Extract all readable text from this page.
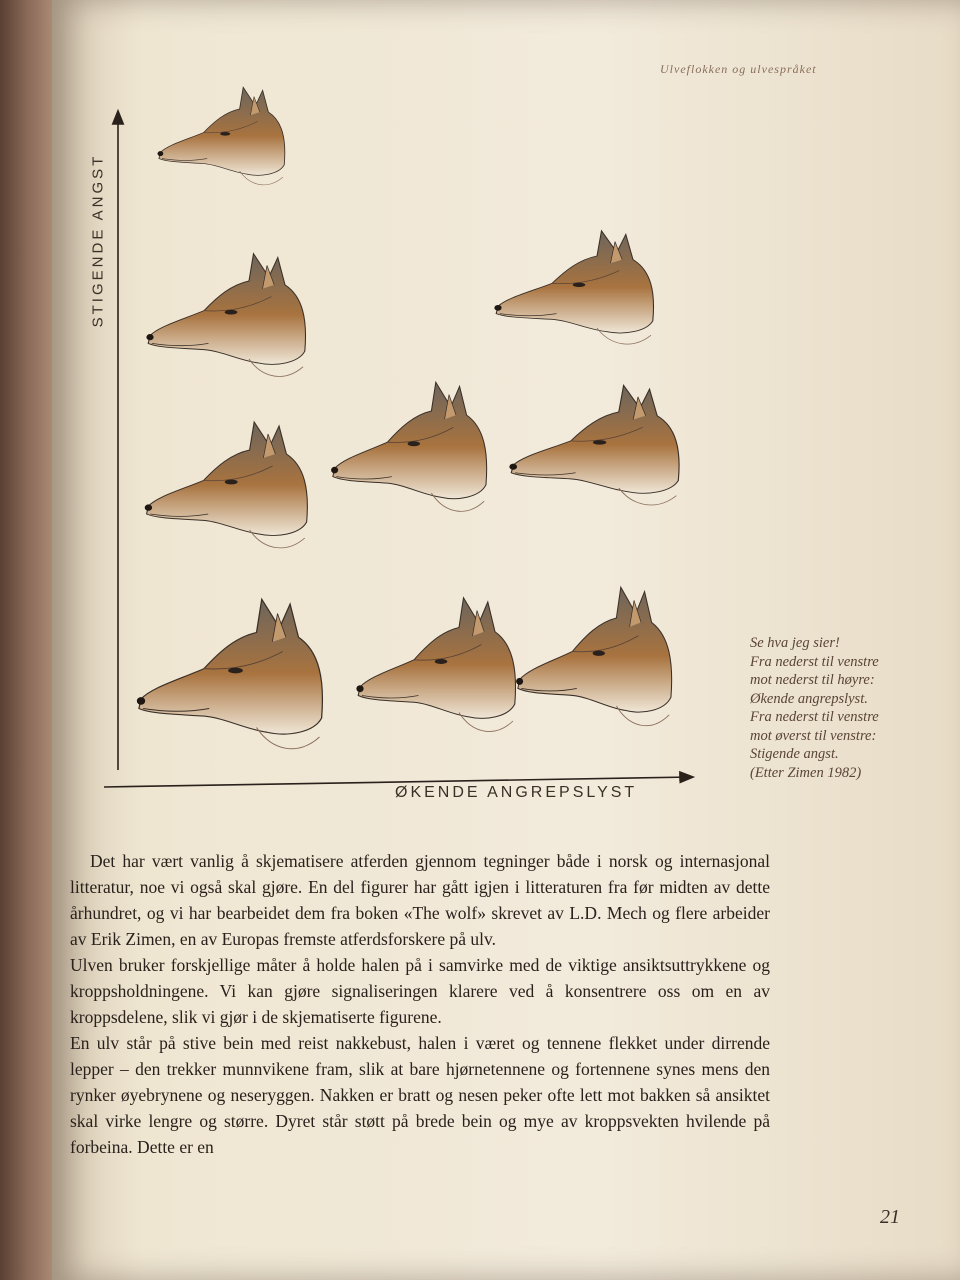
Ulveflokken og ulvespråket
STIGENDE ANGST
ØKENDE ANGREPSLYST
Se hva jeg sier!
Fra nederst til venstre
mot nederst til høyre:
Økende angrepslyst.
Fra nederst til venstre
mot øverst til venstre:
Stigende angst.
(Etter Zimen 1982)

Det har vært vanlig å skjematisere atferden gjennom tegninger både i norsk og internasjonal litteratur, noe vi også skal gjøre. En del figurer har gått igjen i litteraturen fra før midten av dette århundret, og vi har bearbeidet dem fra boken «The wolf» skrevet av L.D. Mech og flere arbeider av Erik Zimen, en av Europas fremste atferdsforskere på ulv.

Ulven bruker forskjellige måter å holde halen på i samvirke med de viktige ansiktsuttrykkene og kroppsholdningene. Vi kan gjøre signaliseringen klarere ved å konsentrere oss om en av kroppsdelene, slik vi gjør i de skjematiserte figurene.

En ulv står på stive bein med reist nakkebust, halen i været og tennene flekket under dirrende lepper – den trekker munnvikene fram, slik at bare hjørnetennene og fortennene synes mens den rynker øyebrynene og neseryggen. Nakken er bratt og nesen peker ofte lett mot bakken så ansiktet skal virke lengre og større. Dyret står støtt på brede bein og mye av kroppsvekten hvilende på forbeina. Dette er en

21
